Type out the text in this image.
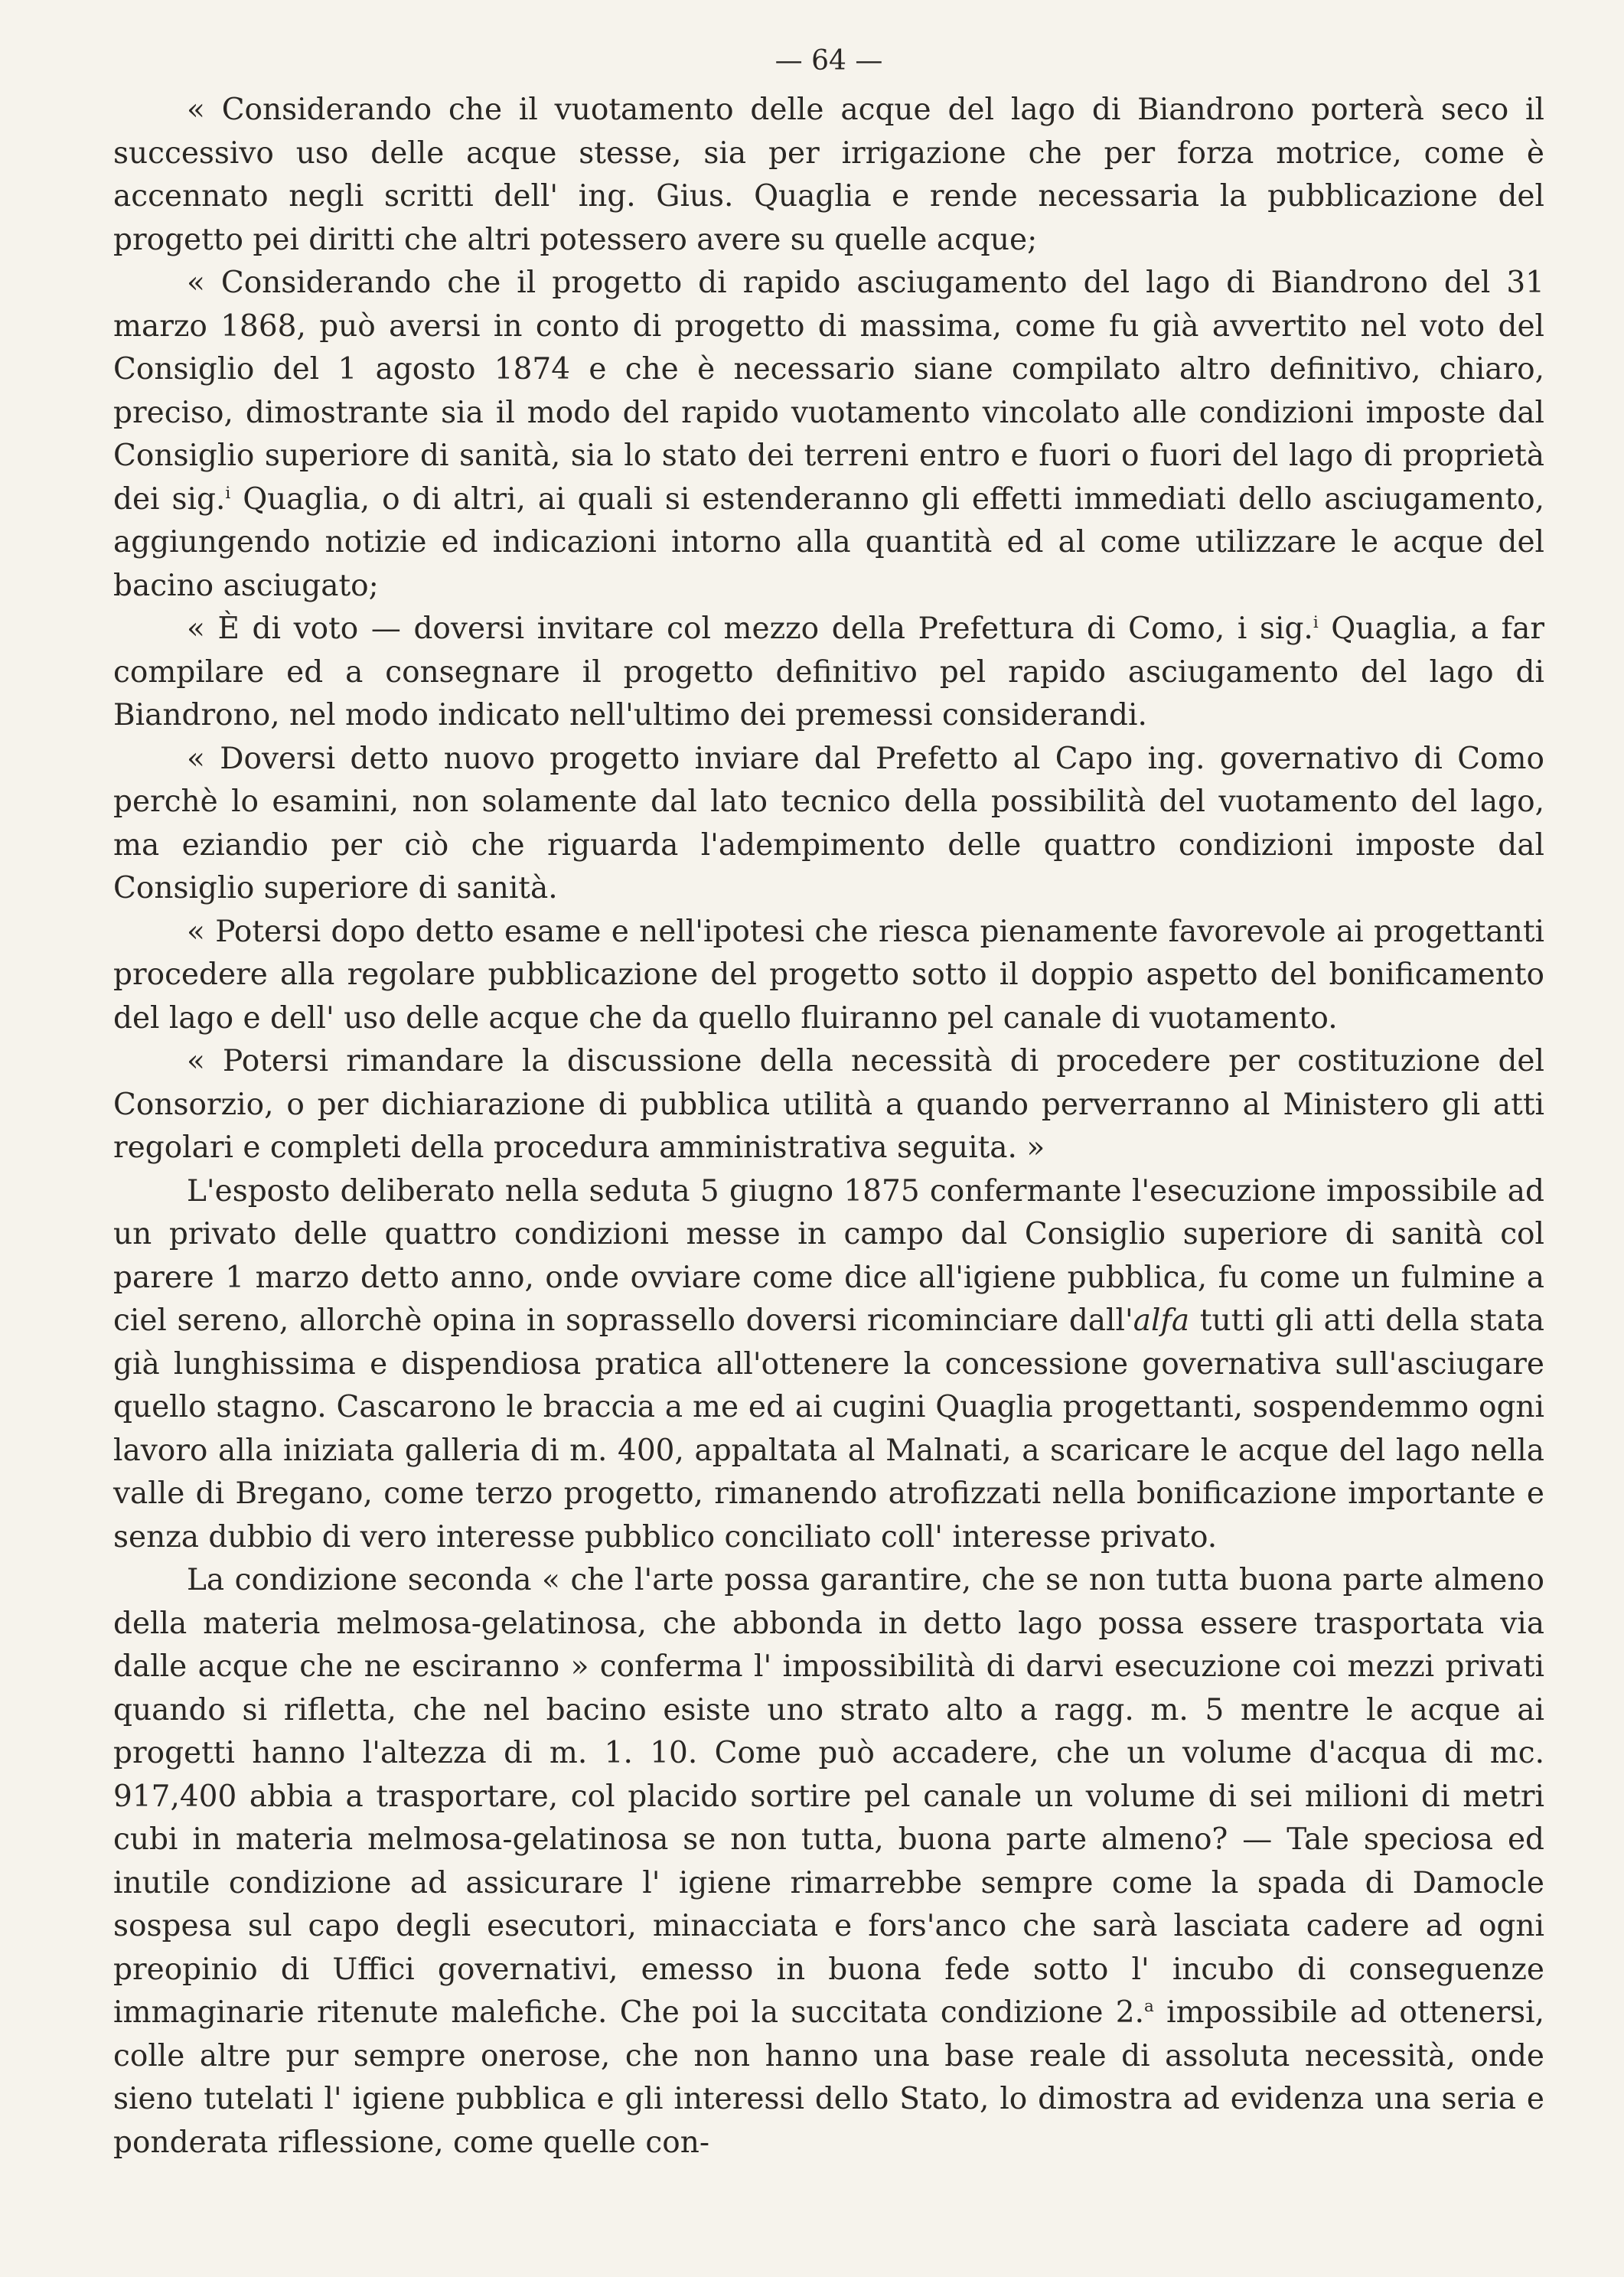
— 64 —

« Considerando che il vuotamento delle acque del lago di Biandrono porterà seco il successivo uso delle acque stesse, sia per irrigazione che per forza motrice, come è accennato negli scritti dell' ing. Gius. Quaglia e rende necessaria la pubblicazione del progetto pei diritti che altri potessero avere su quelle acque;

« Considerando che il progetto di rapido asciugamento del lago di Biandrono del 31 marzo 1868, può aversi in conto di progetto di massima, come fu già avvertito nel voto del Consiglio del 1 agosto 1874 e che è necessario siane compilato altro definitivo, chiaro, preciso, dimostrante sia il modo del rapido vuotamento vincolato alle condizioni imposte dal Consiglio superiore di sanità, sia lo stato dei terreni entro e fuori o fuori del lago di proprietà dei sig.$^i$ Quaglia, o di altri, ai quali si estenderanno gli effetti immediati dello asciugamento, aggiungendo notizie ed indicazioni intorno alla quantità ed al come utilizzare le acque del bacino asciugato;

« È di voto — doversi invitare col mezzo della Prefettura di Como, i sig.$^i$ Quaglia, a far compilare ed a consegnare il progetto definitivo pel rapido asciugamento del lago di Biandrono, nel modo indicato nell'ultimo dei premessi considerandi.

« Doversi detto nuovo progetto inviare dal Prefetto al Capo ing. governativo di Como perchè lo esamini, non solamente dal lato tecnico della possibilità del vuotamento del lago, ma eziandio per ciò che riguarda l'adempimento delle quattro condizioni imposte dal Consiglio superiore di sanità.

« Potersi dopo detto esame e nell'ipotesi che riesca pienamente favorevole ai progettanti procedere alla regolare pubblicazione del progetto sotto il doppio aspetto del bonificamento del lago e dell' uso delle acque che da quello fluiranno pel canale di vuotamento.

« Potersi rimandare la discussione della necessità di procedere per costituzione del Consorzio, o per dichiarazione di pubblica utilità a quando perverranno al Ministero gli atti regolari e completi della procedura amministrativa seguita. »

L'esposto deliberato nella seduta 5 giugno 1875 confermante l'esecuzione impossibile ad un privato delle quattro condizioni messe in campo dal Consiglio superiore di sanità col parere 1 marzo detto anno, onde ovviare come dice all'igiene pubblica, fu come un fulmine a ciel sereno, allorchè opina in soprassello doversi ricominciare dall'alfa tutti gli atti della stata già lunghissima e dispendiosa pratica all'ottenere la concessione governativa sull'asciugare quello stagno. Cascarono le braccia a me ed ai cugini Quaglia progettanti, sospendemmo ogni lavoro alla iniziata galleria di m. 400, appaltata al Malnati, a scaricare le acque del lago nella valle di Bregano, come terzo progetto, rimanendo atrofizzati nella bonificazione importante e senza dubbio di vero interesse pubblico conciliato coll' interesse privato.

La condizione seconda « che l'arte possa garantire, che se non tutta buona parte almeno della materia melmosa-gelatinosa, che abbonda in detto lago possa essere trasportata via dalle acque che ne esciranno » conferma l' impossibilità di darvi esecuzione coi mezzi privati quando si rifletta, che nel bacino esiste uno strato alto a ragg. m. 5 mentre le acque ai progetti hanno l'altezza di m. 1. 10. Come può accadere, che un volume d'acqua di mc. 917,400 abbia a trasportare, col placido sortire pel canale un volume di sei milioni di metri cubi in materia melmosa-gelatinosa se non tutta, buona parte almeno? — Tale speciosa ed inutile condizione ad assicurare l' igiene rimarrebbe sempre come la spada di Damocle sospesa sul capo degli esecutori, minacciata e fors'anco che sarà lasciata cadere ad ogni preopinio di Uffici governativi, emesso in buona fede sotto l' incubo di conseguenze immaginarie ritenute malefiche. Che poi la succitata condizione 2.$^a$ impossibile ad ottenersi, colle altre pur sempre onerose, che non hanno una base reale di assoluta necessità, onde sieno tutelati l' igiene pubblica e gli interessi dello Stato, lo dimostra ad evidenza una seria e ponderata riflessione, come quelle con-
